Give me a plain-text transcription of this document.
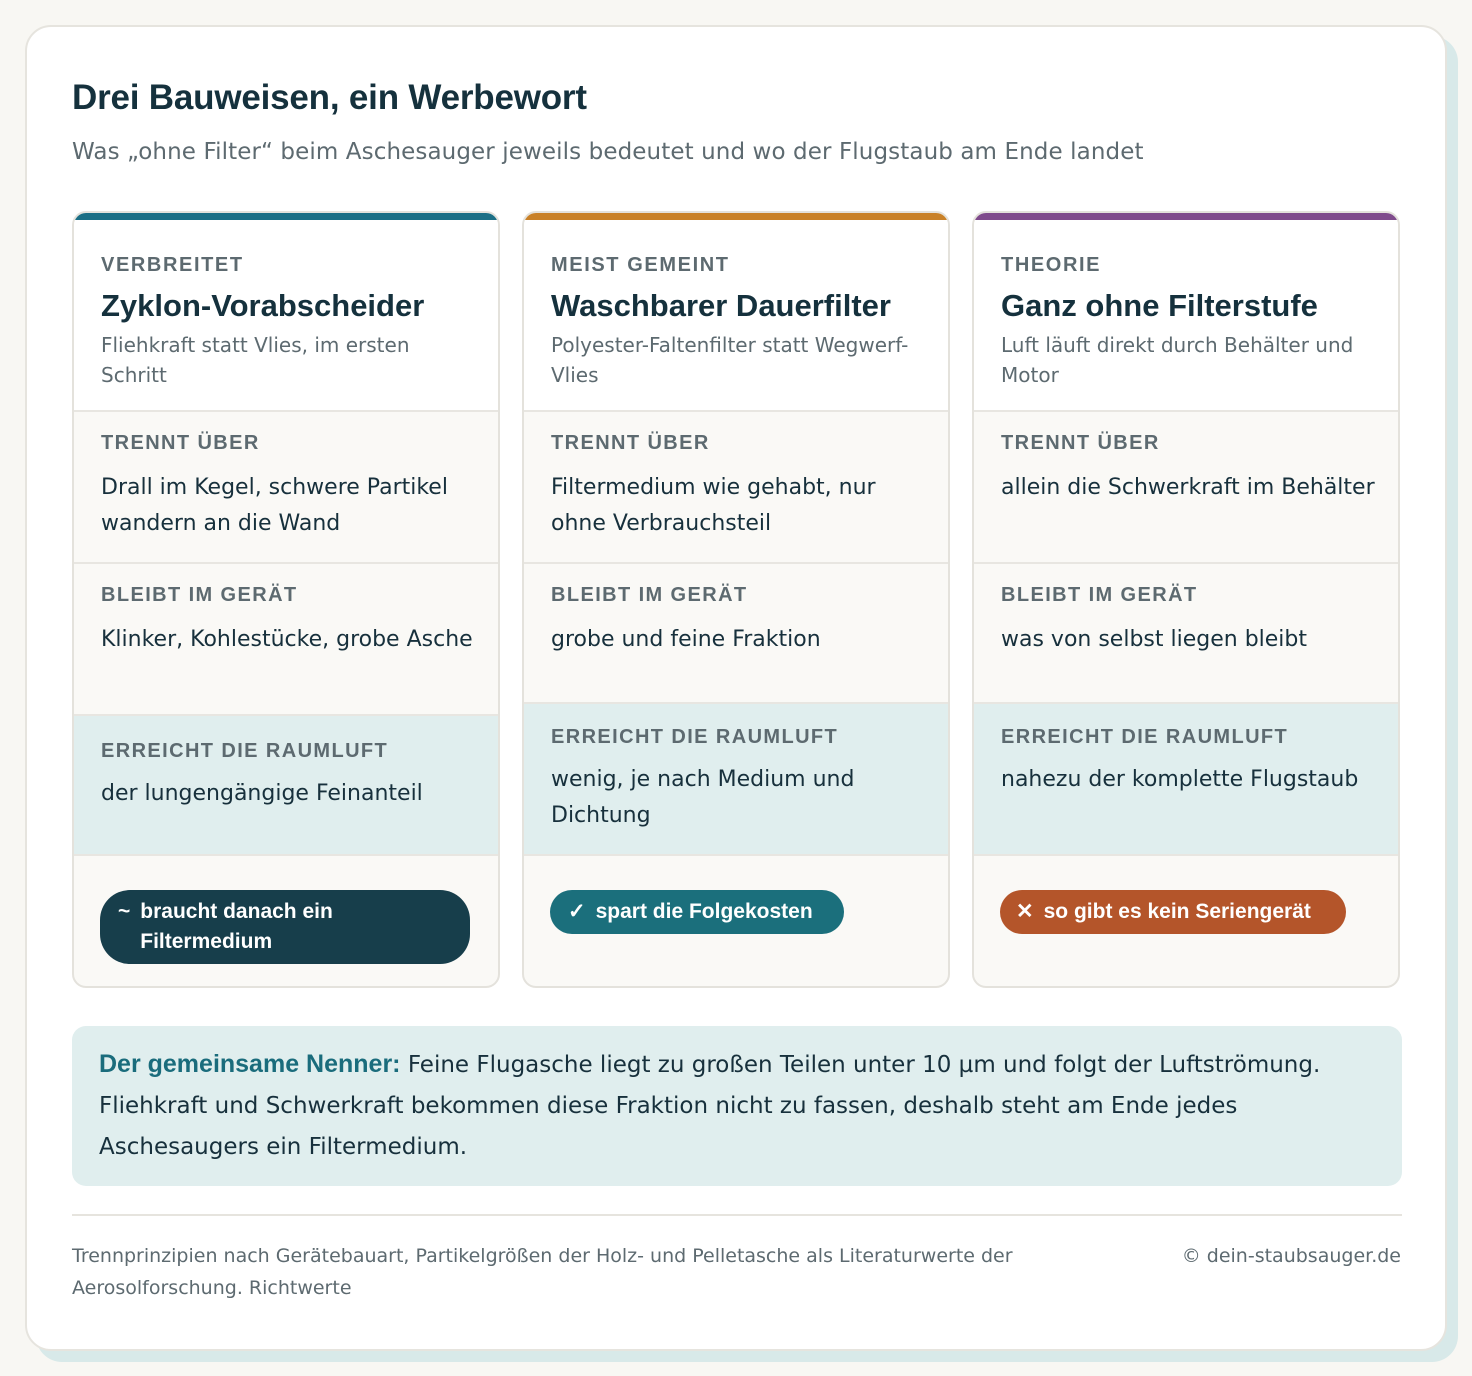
Drei Bauweisen, ein Werbewort

Was „ohne Filter“ beim Aschesauger jeweils bedeutet und wo der Flugstaub am Ende landet

VERBREITET
Zyklon-Vorabscheider
Fliehkraft statt Vlies, im ersten Schritt
TRENNT ÜBER
Drall im Kegel, schwere Partikel wandern an die Wand
BLEIBT IM GERÄT
Klinker, Kohlestücke, grobe Asche
ERREICHT DIE RAUMLUFT
der lungengängige Feinanteil
~ braucht danach ein Filtermedium
MEIST GEMEINT
Waschbarer Dauerfilter
Polyester-Faltenfilter statt Wegwerf-Vlies
TRENNT ÜBER
Filtermedium wie gehabt, nur ohne Verbrauchsteil
BLEIBT IM GERÄT
grobe und feine Fraktion
ERREICHT DIE RAUMLUFT
wenig, je nach Medium und Dichtung
✓ spart die Folgekosten
THEORIE
Ganz ohne Filterstufe
Luft läuft direkt durch Behälter und Motor
TRENNT ÜBER
allein die Schwerkraft im Behälter
BLEIBT IM GERÄT
was von selbst liegen bleibt
ERREICHT DIE RAUMLUFT
nahezu der komplette Flugstaub
✕ so gibt es kein Seriengerät
Der gemeinsame Nenner: Feine Flugasche liegt zu großen Teilen unter 10 µm und folgt der Luftströmung. Fliehkraft und Schwerkraft bekommen diese Fraktion nicht zu fassen, deshalb steht am Ende jedes Aschesaugers ein Filtermedium.

Trennprinzipien nach Gerätebauart, Partikelgrößen der Holz- und Pelletasche als Literaturwerte der Aerosolforschung. Richtwerte

© dein-staubsauger.de
